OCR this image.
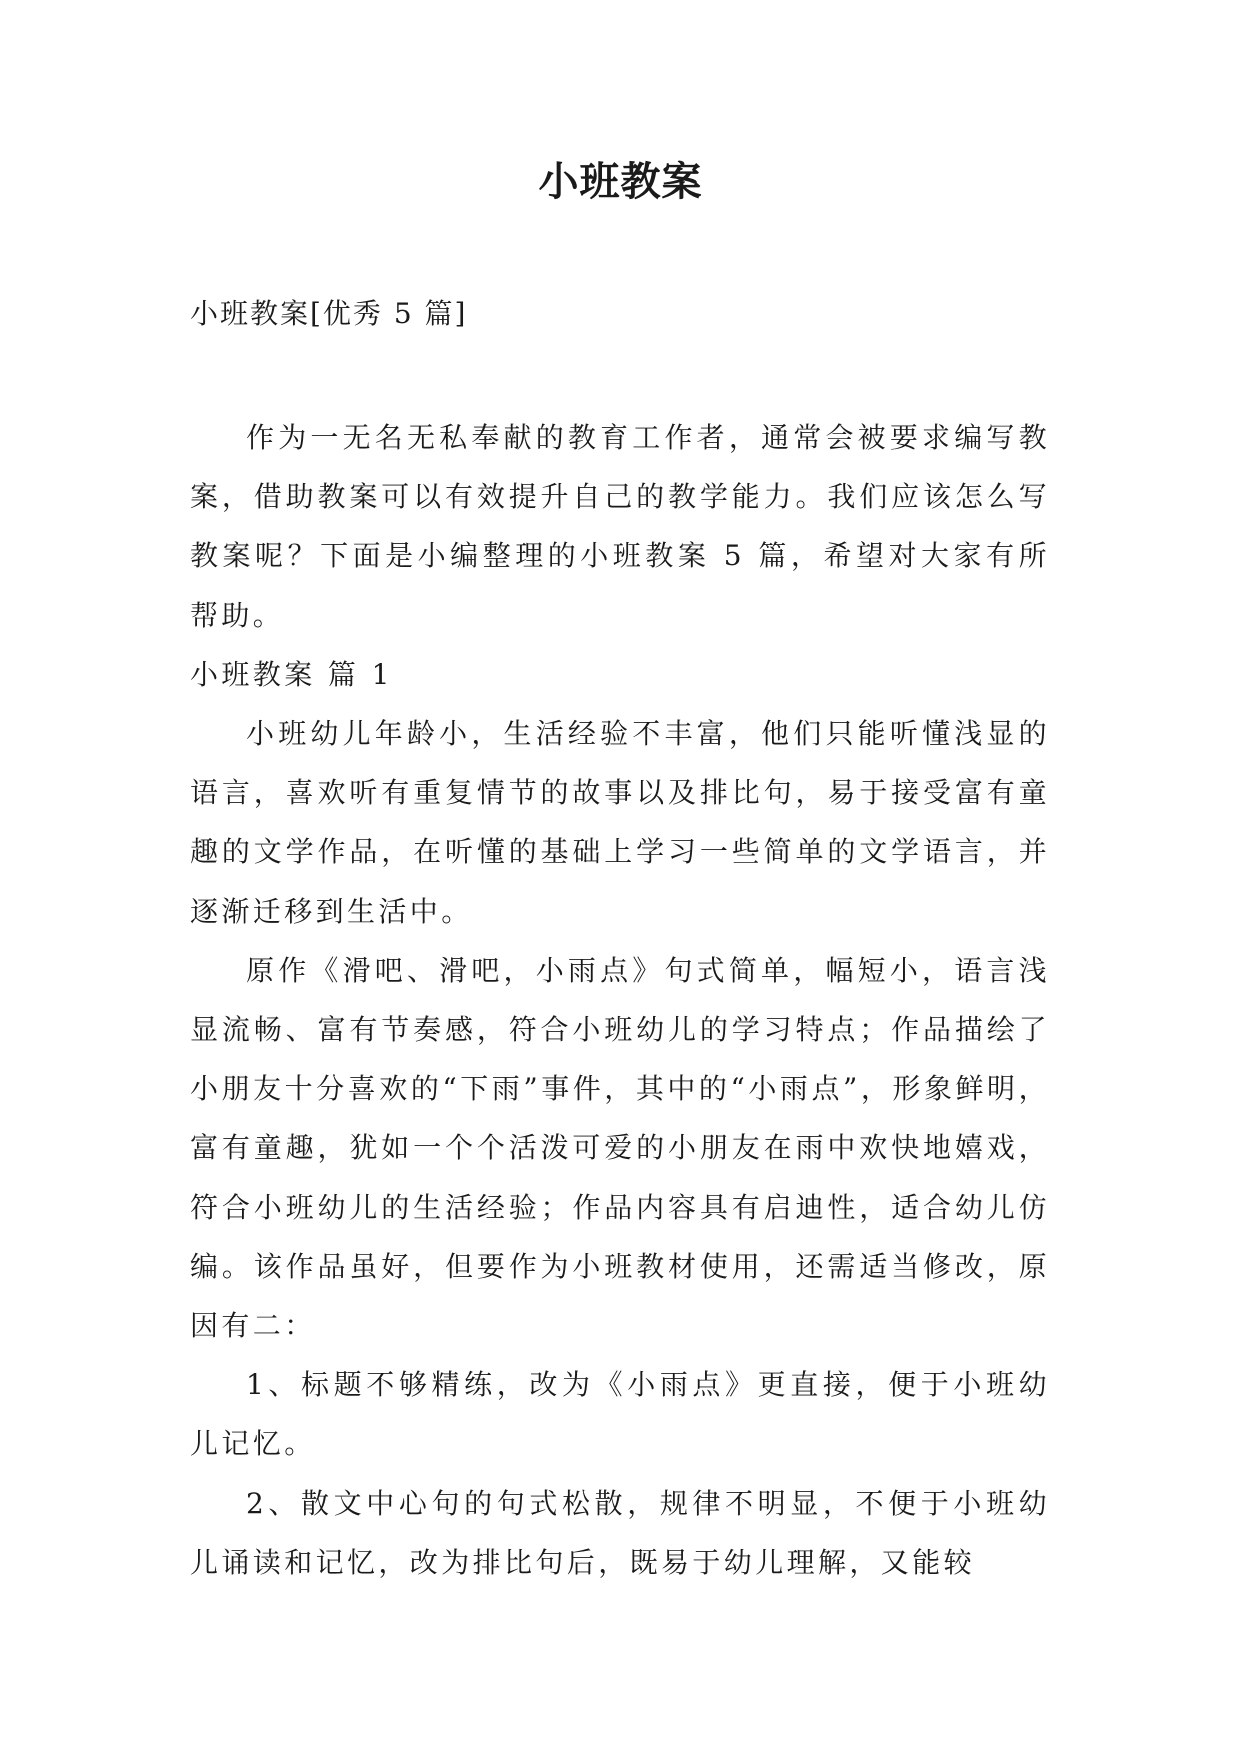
小班教案
小班教案[优秀 5 篇]

作为一无名无私奉献的教育工作者，通常会被要求编写教案，借助教案可以有效提升自己的教学能力。我们应该怎么写教案呢？下面是小编整理的小班教案 5 篇，希望对大家有所帮助。

小班教案 篇 1

小班幼儿年龄小，生活经验不丰富，他们只能听懂浅显的语言，喜欢听有重复情节的故事以及排比句，易于接受富有童趣的文学作品，在听懂的基础上学习一些简单的文学语言，并逐渐迁移到生活中。

原作《滑吧、滑吧，小雨点》句式简单，幅短小，语言浅显流畅、富有节奏感，符合小班幼儿的学习特点；作品描绘了小朋友十分喜欢的“下雨”事件，其中的“小雨点”，形象鲜明，富有童趣，犹如一个个活泼可爱的小朋友在雨中欢快地嬉戏，符合小班幼儿的生活经验；作品内容具有启迪性，适合幼儿仿编。该作品虽好，但要作为小班教材使用，还需适当修改，原因有二：

1、标题不够精练，改为《小雨点》更直接，便于小班幼儿记忆。

2、散文中心句的句式松散，规律不明显，不便于小班幼儿诵读和记忆，改为排比句后，既易于幼儿理解，又能较
